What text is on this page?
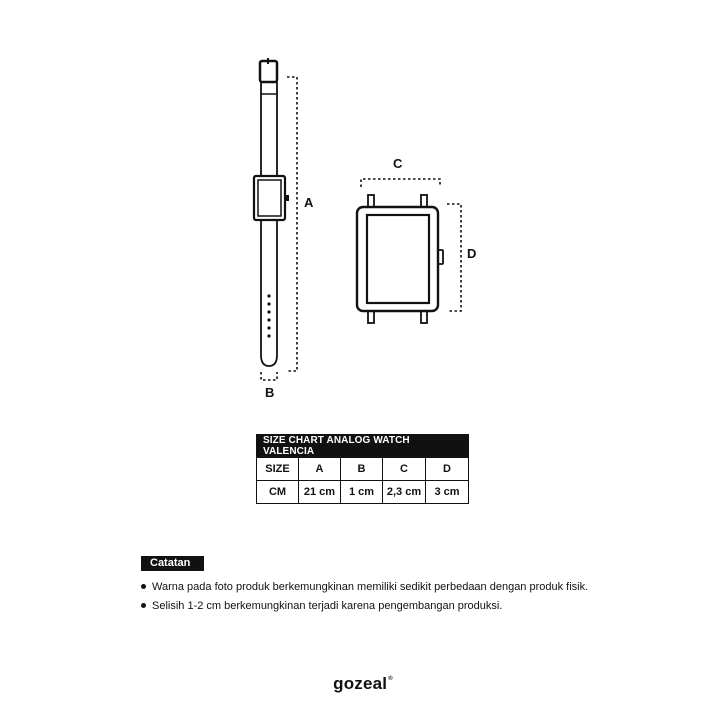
A
B
C
D
SIZE CHART ANALOG WATCH VALENCIA				
SIZE	A	B	C	D
CM	21 cm	1 cm	2,3 cm	3 cm
Catatan
Warna pada foto produk berkemungkinan memiliki sedikit perbedaan dengan produk fisik.
Selisih 1-2 cm berkemungkinan terjadi karena pengembangan produksi.
gozeal®
